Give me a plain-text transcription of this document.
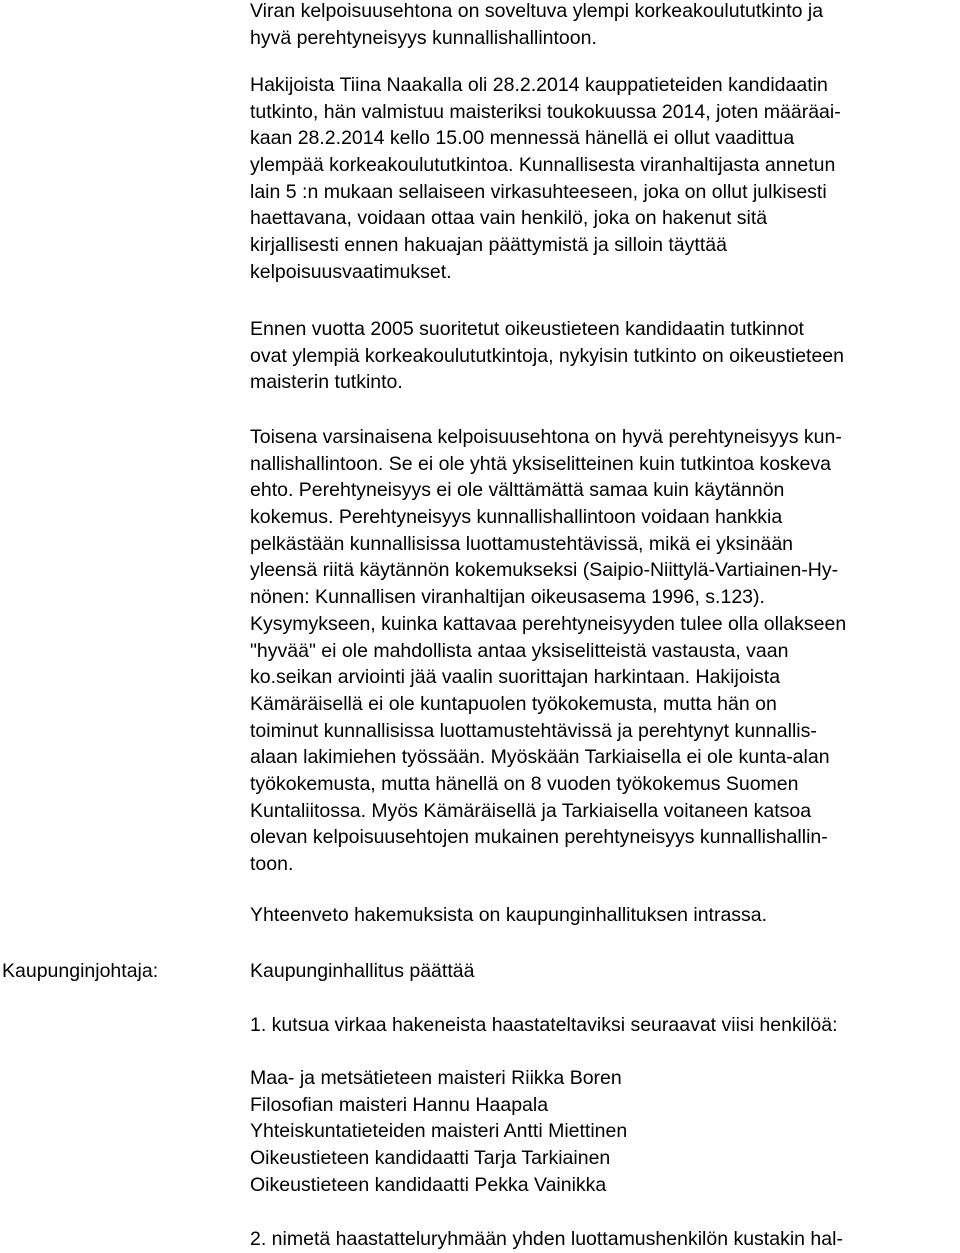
Viran kelpoisuusehtona on soveltuva ylempi korkeakoulututkinto ja
hyvä perehtyneisyys kunnallishallintoon.
Hakijoista Tiina Naakalla oli 28.2.2014 kauppatieteiden kandidaatin
tutkinto, hän valmistuu maisteriksi toukokuussa 2014, joten määräai-
kaan 28.2.2014 kello 15.00 mennessä hänellä ei ollut vaadittua
ylempää korkeakoulututkintoa. Kunnallisesta viranhaltijasta annetun
lain 5 :n mukaan sellaiseen virkasuhteeseen, joka on ollut julkisesti
haettavana, voidaan ottaa vain henkilö, joka on hakenut sitä
kirjallisesti ennen hakuajan päättymistä ja silloin täyttää
kelpoisuusvaatimukset.
Ennen vuotta 2005 suoritetut oikeustieteen kandidaatin tutkinnot
ovat ylempiä korkeakoulututkintoja, nykyisin tutkinto on oikeustieteen
maisterin tutkinto.
Toisena varsinaisena kelpoisuusehtona on hyvä perehtyneisyys kun-
nallishallintoon. Se ei ole yhtä yksiselitteinen kuin tutkintoa koskeva
ehto. Perehtyneisyys ei ole välttämättä samaa kuin käytännön
kokemus. Perehtyneisyys kunnallishallintoon voidaan hankkia
pelkästään kunnallisissa luottamustehtävissä, mikä ei yksinään
yleensä riitä käytännön kokemukseksi (Saipio-Niittylä-Vartiainen-Hy-
nönen: Kunnallisen viranhaltijan oikeusasema 1996, s.123).
Kysymykseen, kuinka kattavaa perehtyneisyyden tulee olla ollakseen
"hyvää" ei ole mahdollista antaa yksiselitteistä vastausta, vaan
ko.seikan arviointi jää vaalin suorittajan harkintaan. Hakijoista
Kämäräisellä ei ole kuntapuolen työkokemusta, mutta hän on
toiminut kunnallisissa luottamustehtävissä ja perehtynyt kunnallis-
alaan lakimiehen työssään. Myöskään Tarkiaisella ei ole kunta-alan
työkokemusta, mutta hänellä on 8 vuoden työkokemus Suomen
Kuntaliitossa. Myös Kämäräisellä ja Tarkiaisella voitaneen katsoa
olevan kelpoisuusehtojen mukainen perehtyneisyys kunnallishallin-
toon.
Yhteenveto hakemuksista on kaupunginhallituksen intrassa.
Kaupunginjohtaja:	Kaupunginhallitus päättää
1. kutsua virkaa hakeneista haastateltaviksi seuraavat viisi henkilöä:
Maa- ja metsätieteen maisteri Riikka Boren
Filosofian maisteri Hannu Haapala
Yhteiskuntatieteiden maisteri Antti Miettinen
Oikeustieteen kandidaatti Tarja Tarkiainen
Oikeustieteen kandidaatti Pekka Vainikka
2. nimetä haastatteluryhmään yhden luottamushenkilön kustakin hal-
